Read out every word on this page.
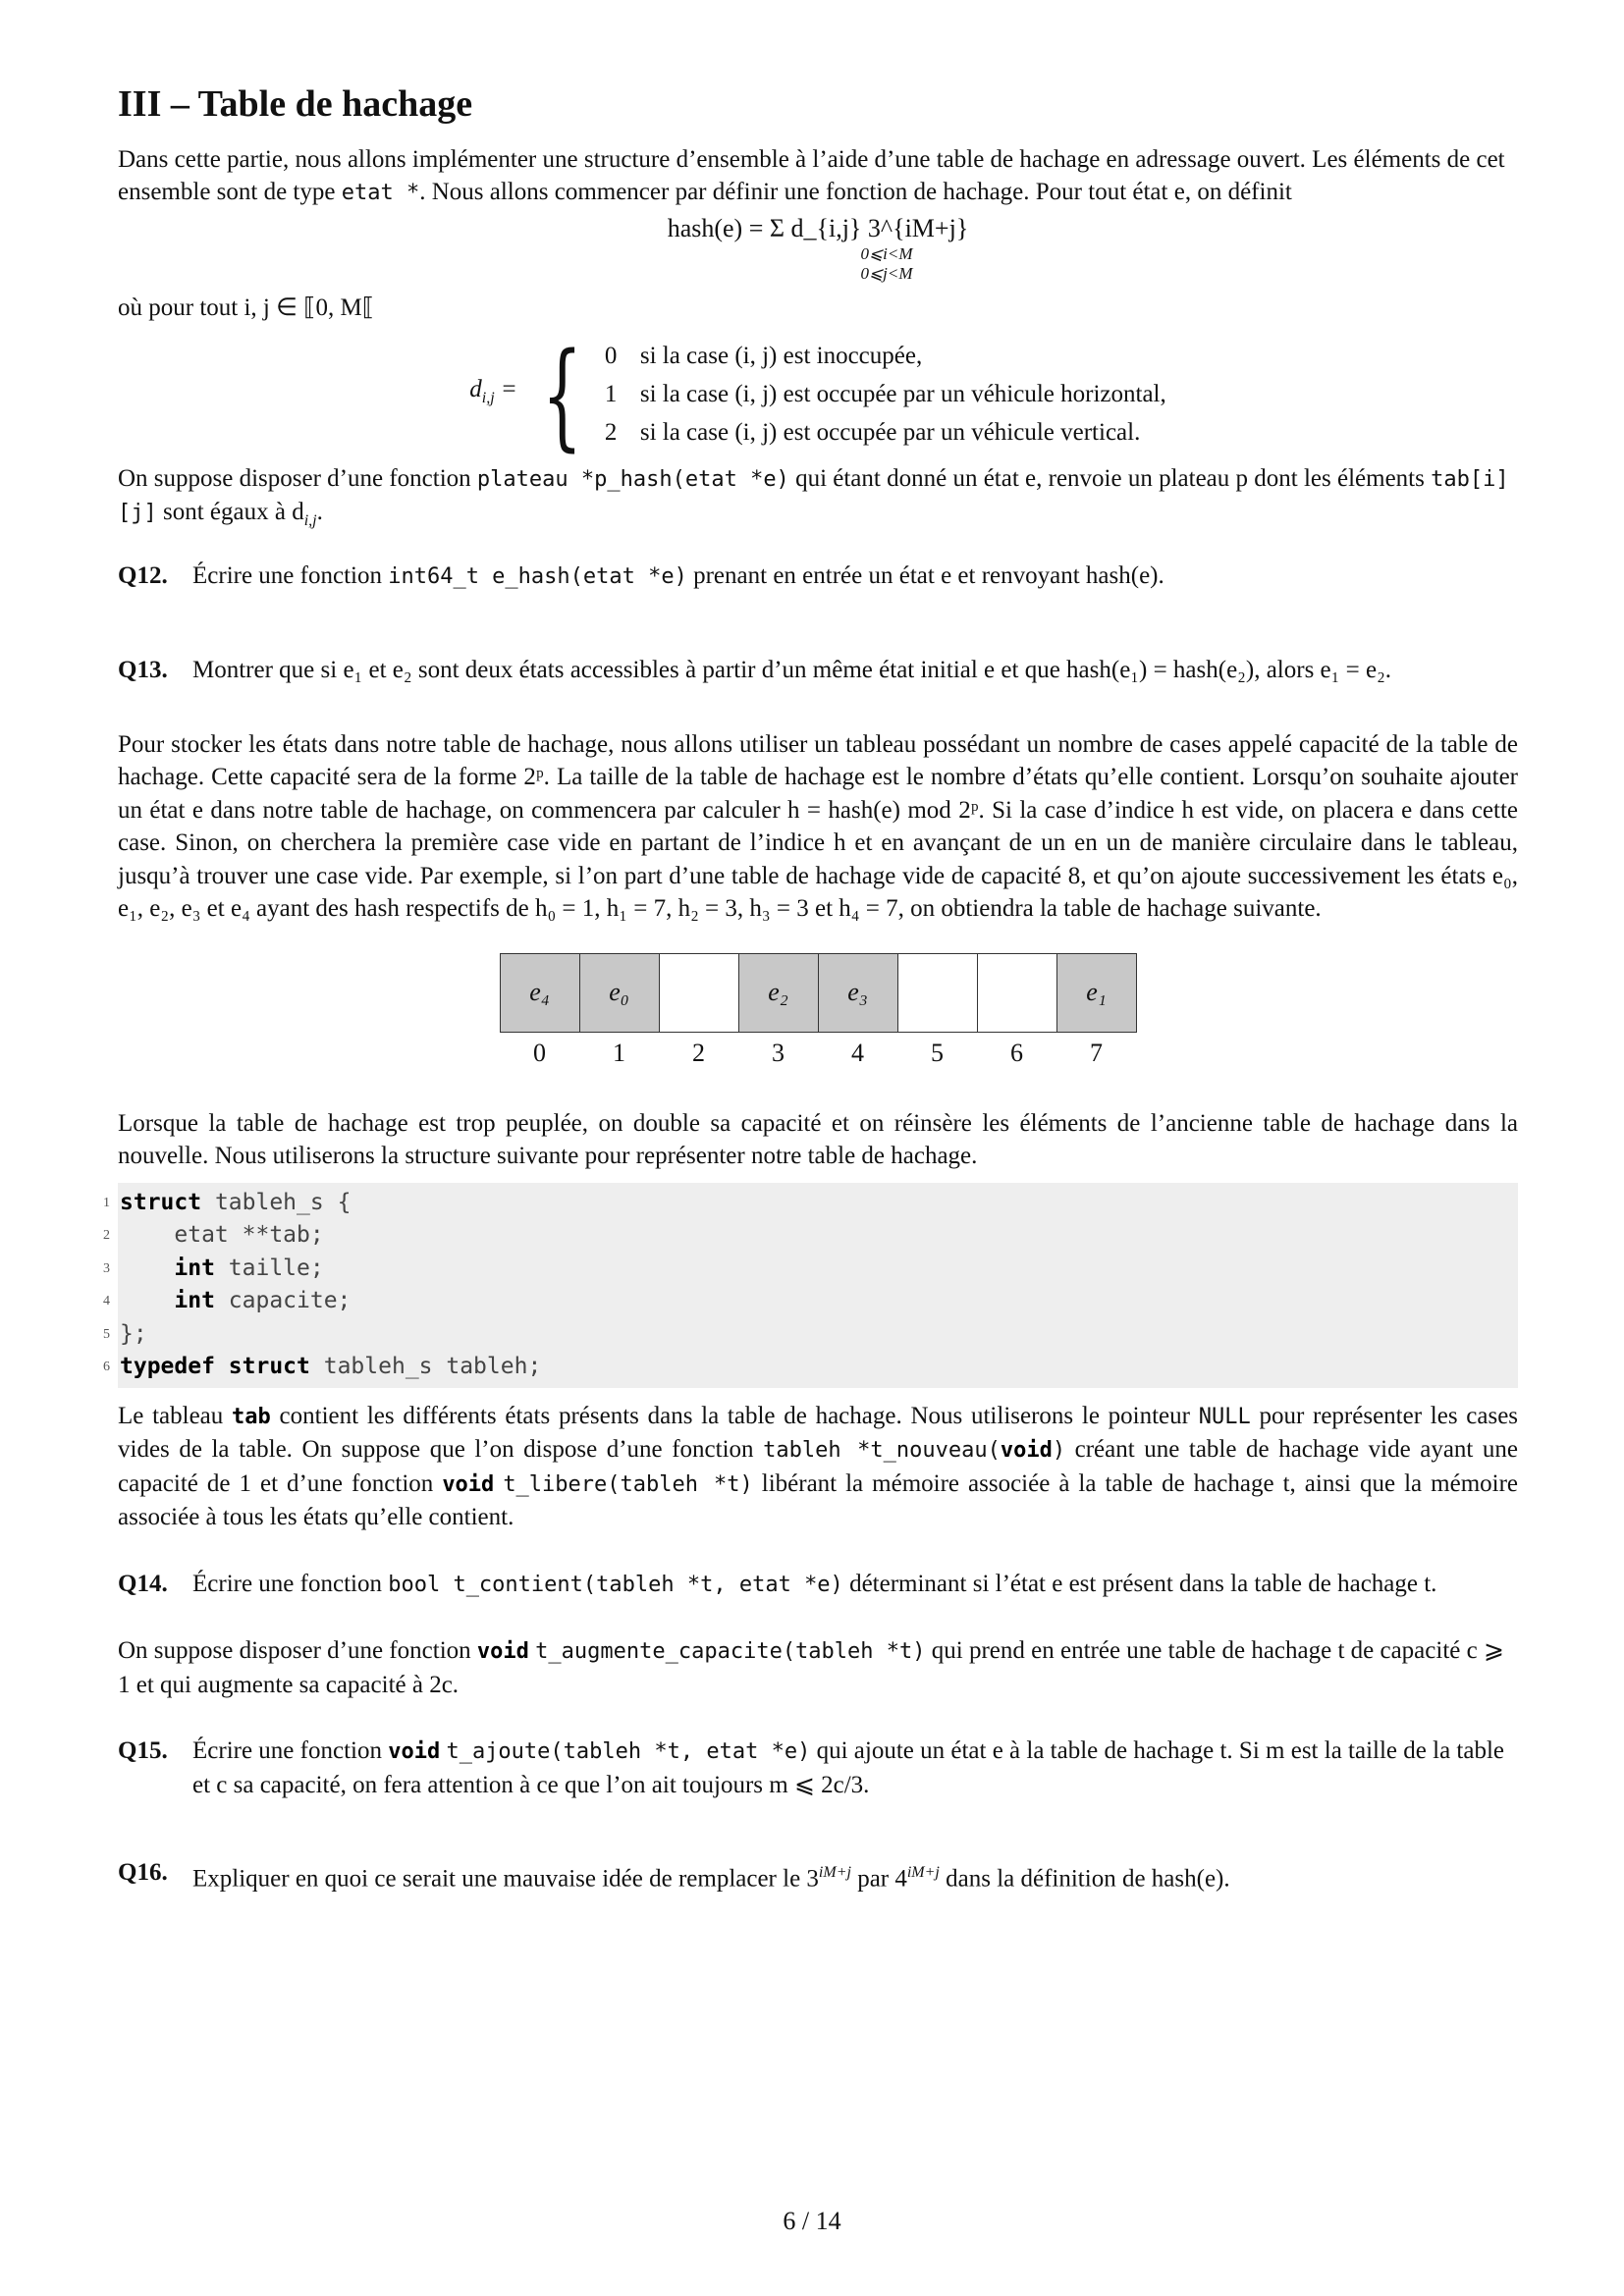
III – Table de hachage

Dans cette partie, nous allons implémenter une structure d’ensemble à l’aide d’une table de hachage en adressage ouvert. Les éléments de cet ensemble sont de type etat *. Nous allons commencer par définir une fonction de hachage. Pour tout état e, on définit

hash(e) = Σ d_{i,j} 3^{iM+j}
0⩽i<M
0⩽j<M

où pour tout i, j ∈ ⟦0, M⟦

$d_{i,j}$ = { 0 si la case (i, j) est inoccupée,
1 si la case (i, j) est occupée par un véhicule horizontal,
2 si la case (i, j) est occupée par un véhicule vertical.

On suppose disposer d’une fonction plateau *p_hash(etat *e) qui étant donné un état e, renvoie un plateau p dont les éléments tab[i][j] sont égaux à $d_{i,j}$.

Q12. Écrire une fonction int64_t e_hash(etat *e) prenant en entrée un état e et renvoyant hash(e).
Q13. Montrer que si e₁ et e₂ sont deux états accessibles à partir d’un même état initial e et que hash(e₁) = hash(e₂), alors e₁ = e₂.

Pour stocker les états dans notre table de hachage, nous allons utiliser un tableau possédant un nombre de cases appelé capacité de la table de hachage. Cette capacité sera de la forme 2ᵖ. La taille de la table de hachage est le nombre d’états qu’elle contient. Lorsqu’on souhaite ajouter un état e dans notre table de hachage, on commencera par calculer h = hash(e) mod 2ᵖ. Si la case d’indice h est vide, on placera e dans cette case. Sinon, on cherchera la première case vide en partant de l’indice h et en avançant de un en un de manière circulaire dans le tableau, jusqu’à trouver une case vide. Par exemple, si l’on part d’une table de hachage vide de capacité 8, et qu’on ajoute successivement les états e₀, e₁, e₂, e₃ et e₄ ayant des hash respectifs de h₀ = 1, h₁ = 7, h₂ = 3, h₃ = 3 et h₄ = 7, on obtiendra la table de hachage suivante.

e₄	e₀		e₂	e₃			e₁
0	1	2	3	4	5	6	7

Lorsque la table de hachage est trop peuplée, on double sa capacité et on réinsère les éléments de l’ancienne table de hachage dans la nouvelle. Nous utiliserons la structure suivante pour représenter notre table de hachage.

1 struct tableh_s {
2 etat **tab;
3	int taille;
4	int capacite;
5 };
6 typedef struct tableh_s tableh;

Le tableau tab contient les différents états présents dans la table de hachage. Nous utiliserons le pointeur NULL pour représenter les cases vides de la table. On suppose que l’on dispose d’une fonction tableh *t_nouveau(void) créant une table de hachage vide ayant une capacité de 1 et d’une fonction void t_libere(tableh *t) libérant la mémoire associée à la table de hachage t, ainsi que la mémoire associée à tous les états qu’elle contient.

Q14. Écrire une fonction bool t_contient(tableh *t, etat *e) déterminant si l’état e est présent dans la table de hachage t.

On suppose disposer d’une fonction void t_augmente_capacite(tableh *t) qui prend en entrée une table de hachage t de capacité c ⩾ 1 et qui augmente sa capacité à 2c.

Q15. Écrire une fonction void t_ajoute(tableh *t, etat *e) qui ajoute un état e à la table de hachage t. Si m est la taille de la table et c sa capacité, on fera attention à ce que l’on ait toujours m ⩽ 2c/3.
Q16. Expliquer en quoi ce serait une mauvaise idée de remplacer le $3^{iM+j}$ par $4^{iM+j}$ dans la définition de hash(e).
6 / 14
